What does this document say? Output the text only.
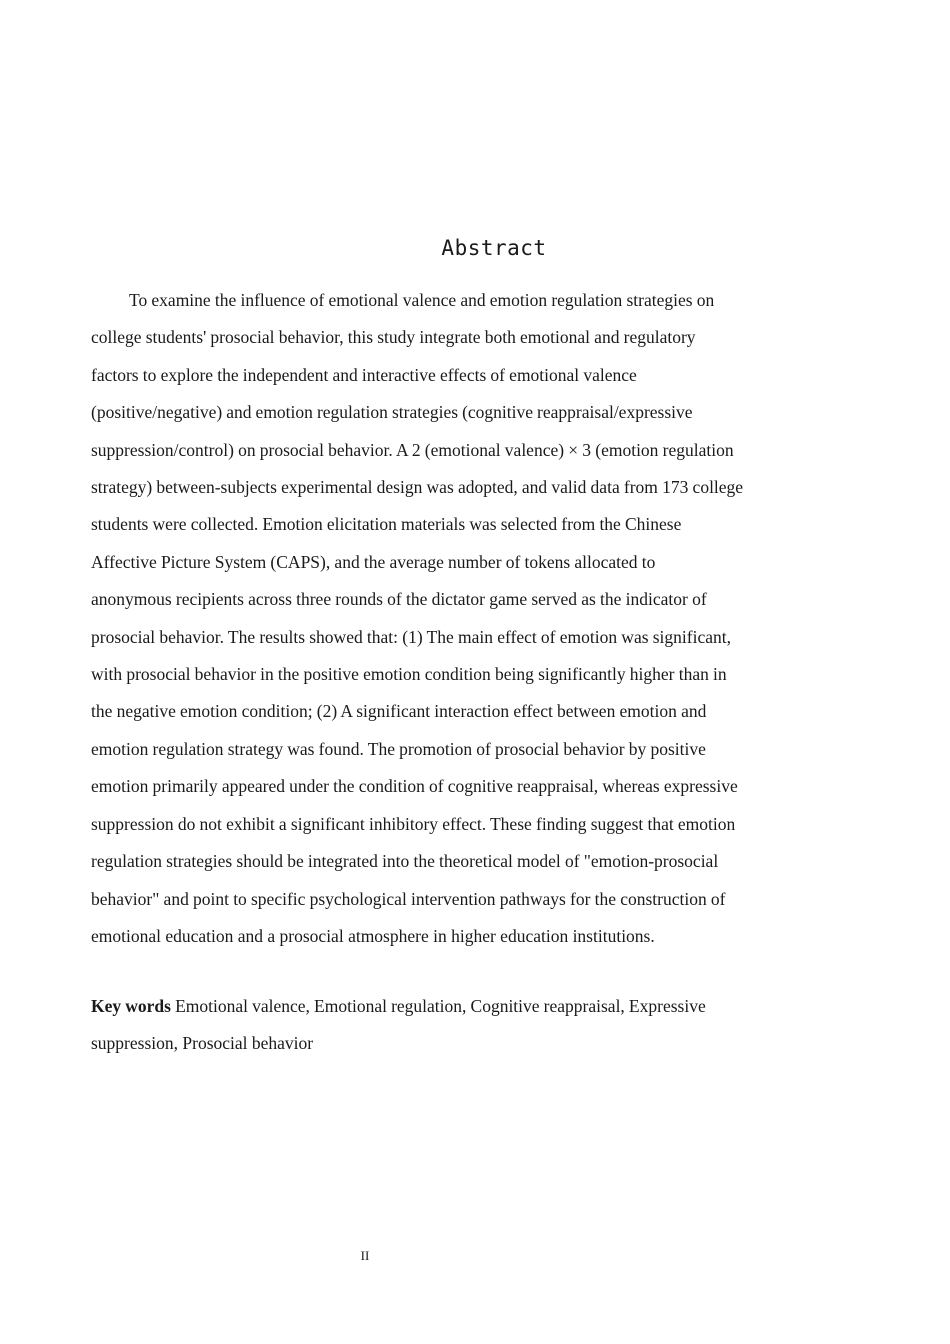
Abstract
To examine the influence of emotional valence and emotion regulation strategies on
college students' prosocial behavior, this study integrate both emotional and regulatory
factors to explore the independent and interactive effects of emotional valence
(positive/negative) and emotion regulation strategies (cognitive reappraisal/expressive
suppression/control) on prosocial behavior. A 2 (emotional valence) × 3 (emotion regulation
strategy) between-subjects experimental design was adopted, and valid data from 173 college
students were collected. Emotion elicitation materials was selected from the Chinese
Affective Picture System (CAPS), and the average number of tokens allocated to
anonymous recipients across three rounds of the dictator game served as the indicator of
prosocial behavior. The results showed that: (1) The main effect of emotion was significant,
with prosocial behavior in the positive emotion condition being significantly higher than in
the negative emotion condition; (2) A significant interaction effect between emotion and
emotion regulation strategy was found. The promotion of prosocial behavior by positive
emotion primarily appeared under the condition of cognitive reappraisal, whereas expressive
suppression do not exhibit a significant inhibitory effect. These finding suggest that emotion
regulation strategies should be integrated into the theoretical model of "emotion-prosocial
behavior" and point to specific psychological intervention pathways for the construction of
emotional education and a prosocial atmosphere in higher education institutions.
Key words Emotional valence, Emotional regulation, Cognitive reappraisal, Expressive
suppression, Prosocial behavior
II
